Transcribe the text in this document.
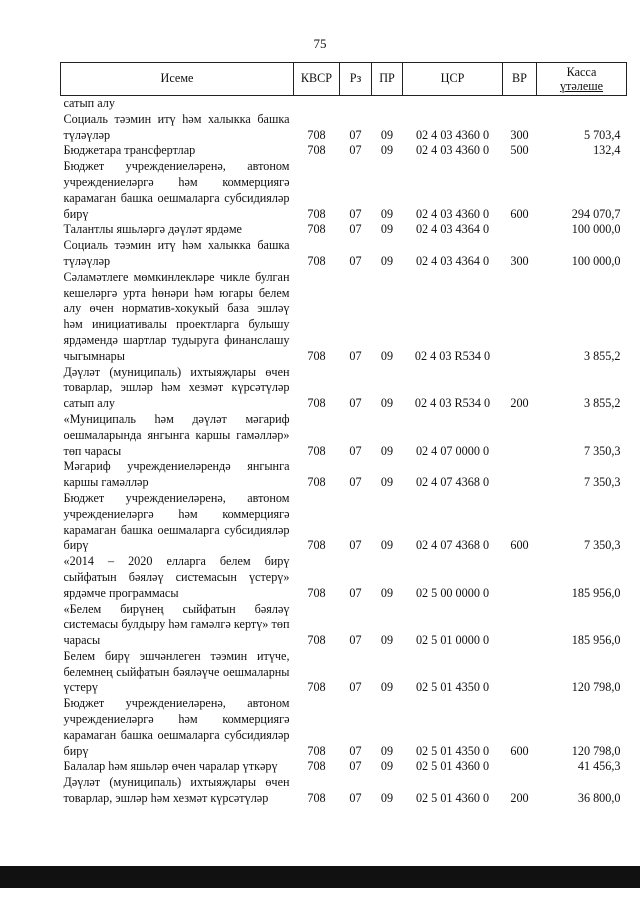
75
Исеме	КВСР	Рз	ПР	ЦСР	ВР	Касса
үтәлеше

сатып алу						
Социаль тәэмин итү һәм халыкка башка түләүләр	708	07	09	02 4 03 4360 0	300	5 703,4
Бюджетара трансфертлар	708	07	09	02 4 03 4360 0	500	132,4
Бюджет учреждениеләренә, автоном учреждениеләргә һәм коммерциягә карамаган башка оешмаларга субсидияләр бирү	708	07	09	02 4 03 4360 0	600	294 070,7
Талантлы яшьләргә дәүләт ярдәме	708	07	09	02 4 03 4364 0		100 000,0
Социаль тәэмин итү һәм халыкка башка түләүләр	708	07	09	02 4 03 4364 0	300	100 000,0
Сәламәтлеге мөмкинлекләре чикле булган кешеләргә урта һөнәри һәм югары белем алу өчен норматив-хокукый база эшләү һәм инициативалы проектларга булышу ярдәмендә шартлар тудыруга финанслашу чыгымнары	708	07	09	02 4 03 R534 0		3 855,2
Дәүләт (муниципаль) ихтыяҗлары өчен товарлар, эшләр һәм хезмәт күрсәтүләр сатып алу	708	07	09	02 4 03 R534 0	200	3 855,2
«Муниципаль һәм дәүләт мәгариф оешмаларында янгынга каршы гамәлләр» төп чарасы	708	07	09	02 4 07 0000 0		7 350,3
Мәгариф учреждениеләрендә янгынга каршы гамәлләр	708	07	09	02 4 07 4368 0		7 350,3
Бюджет учреждениеләренә, автоном учреждениеләргә һәм коммерциягә карамаган башка оешмаларга субсидияләр бирү	708	07	09	02 4 07 4368 0	600	7 350,3
«2014 – 2020 елларга белем бирү сыйфатын бәяләү системасын үстерү» ярдәмче программасы	708	07	09	02 5 00 0000 0		185 956,0
«Белем бирүнең сыйфатын бәяләү системасы булдыру һәм гамәлгә кертү» төп чарасы	708	07	09	02 5 01 0000 0		185 956,0
Белем бирү эшчәнлеген тәэмин итүче, белемнең сыйфатын бәяләүче оешмаларны үстерү	708	07	09	02 5 01 4350 0		120 798,0
Бюджет учреждениеләренә, автоном учреждениеләргә һәм коммерциягә карамаган башка оешмаларга субсидияләр бирү	708	07	09	02 5 01 4350 0	600	120 798,0
Балалар һәм яшьләр өчен чаралар үткәрү	708	07	09	02 5 01 4360 0		41 456,3
Дәүләт (муниципаль) ихтыяҗлары өчен товарлар, эшләр һәм хезмәт күрсәтүләр	708	07	09	02 5 01 4360 0	200	36 800,0
